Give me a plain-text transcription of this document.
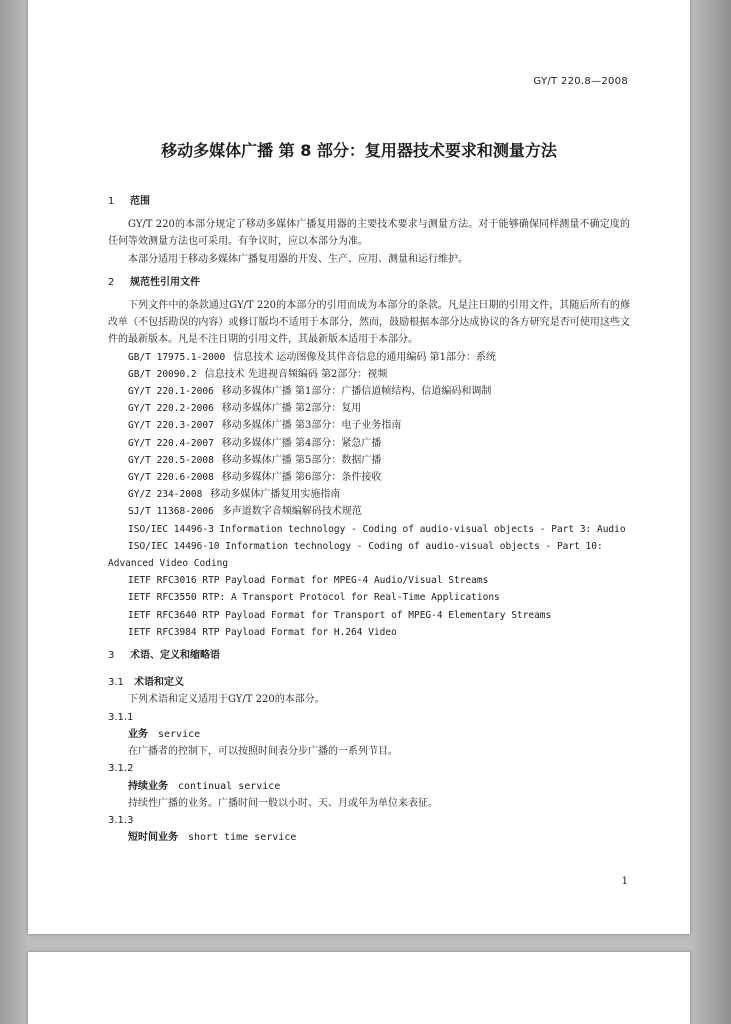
GY/T 220.8—2008
移动多媒体广播 第 8 部分：复用器技术要求和测量方法

1 范围

GY/T 220的本部分规定了移动多媒体广播复用器的主要技术要求与测量方法。对于能够确保同样测量不确定度的任何等效测量方法也可采用。有争议时，应以本部分为准。

本部分适用于移动多媒体广播复用器的开发、生产、应用、测量和运行维护。

2 规范性引用文件

下列文件中的条款通过GY/T 220的本部分的引用而成为本部分的条款。凡是注日期的引用文件，其随后所有的修改单（不包括勘误的内容）或修订版均不适用于本部分，然而，鼓励根据本部分达成协议的各方研究是否可使用这些文件的最新版本。凡是不注日期的引用文件，其最新版本适用于本部分。

GB/T 17975.1-2000 信息技术 运动图像及其伴音信息的通用编码 第1部分：系统

GB/T 20090.2 信息技术 先进视音频编码 第2部分：视频

GY/T 220.1-2006 移动多媒体广播 第1部分：广播信道帧结构、信道编码和调制

GY/T 220.2-2006 移动多媒体广播 第2部分：复用

GY/T 220.3-2007 移动多媒体广播 第3部分：电子业务指南

GY/T 220.4-2007 移动多媒体广播 第4部分：紧急广播

GY/T 220.5-2008 移动多媒体广播 第5部分：数据广播

GY/T 220.6-2008 移动多媒体广播 第6部分：条件接收

GY/Z 234-2008 移动多媒体广播复用实施指南

SJ/T 11368-2006 多声道数字音频编解码技术规范

ISO/IEC 14496-3 Information technology - Coding of audio-visual objects - Part 3: Audio

ISO/IEC 14496-10 Information technology - Coding of audio-visual objects - Part 10:
Advanced Video Coding

IETF RFC3016 RTP Payload Format for MPEG-4 Audio/Visual Streams

IETF RFC3550 RTP: A Transport Protocol for Real-Time Applications

IETF RFC3640 RTP Payload Format for Transport of MPEG-4 Elementary Streams

IETF RFC3984 RTP Payload Format for H.264 Video

3 术语、定义和缩略语

3.1 术语和定义

下列术语和定义适用于GY/T 220的本部分。

3.1.1

业务 service

在广播者的控制下，可以按照时间表分步广播的一系列节目。

3.1.2

持续业务 continual service

持续性广播的业务。广播时间一般以小时、天、月或年为单位来表征。

3.1.3

短时间业务 short time service

1
